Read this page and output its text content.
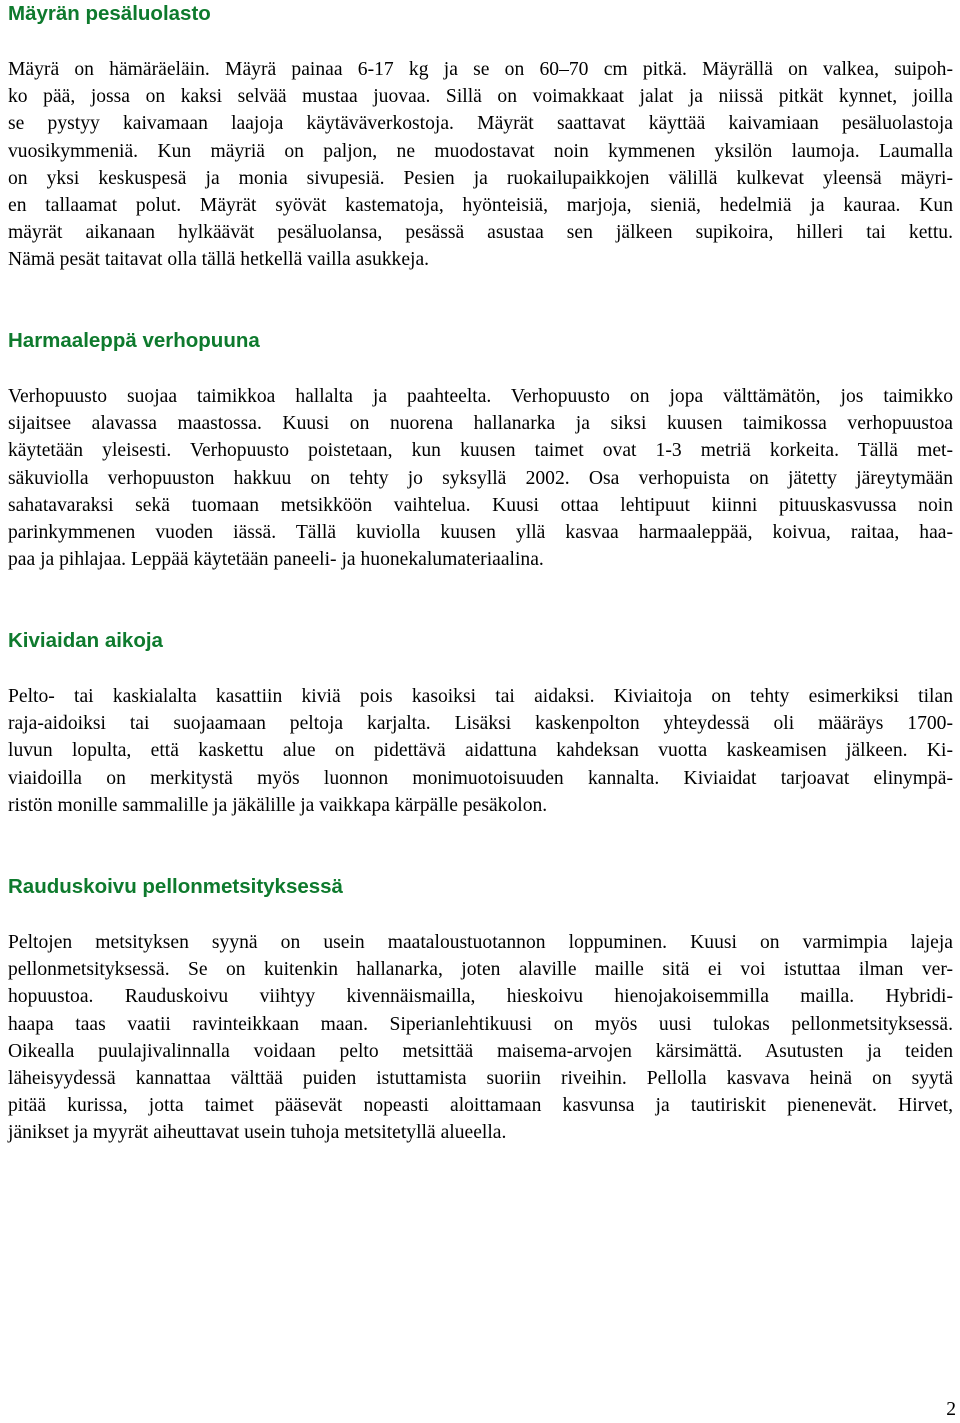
Mäyrän pesäluolasto
Mäyrä on hämäräeläin. Mäyrä painaa 6-17 kg ja se on 60–70 cm pitkä. Mäyrällä on valkea, suipoh-
ko pää, jossa on kaksi selvää mustaa juovaa. Sillä on voimakkaat jalat ja niissä pitkät kynnet, joilla
se pystyy kaivamaan laajoja käytäväverkostoja. Mäyrät saattavat käyttää kaivamiaan pesäluolastoja
vuosikymmeniä. Kun mäyriä on paljon, ne muodostavat noin kymmenen yksilön laumoja. Laumalla
on yksi keskuspesä ja monia sivupesiä. Pesien ja ruokailupaikkojen välillä kulkevat yleensä mäyri-
en tallaamat polut. Mäyrät syövät kastematoja, hyönteisiä, marjoja, sieniä, hedelmiä ja kauraa. Kun
mäyrät aikanaan hylkäävät pesäluolansa, pesässä asustaa sen jälkeen supikoira, hilleri tai kettu.
Nämä pesät taitavat olla tällä hetkellä vailla asukkeja.
Harmaaleppä verhopuuna
Verhopuusto suojaa taimikkoa hallalta ja paahteelta. Verhopuusto on jopa välttämätön, jos taimikko
sijaitsee alavassa maastossa. Kuusi on nuorena hallanarka ja siksi kuusen taimikossa verhopuustoa
käytetään yleisesti. Verhopuusto poistetaan, kun kuusen taimet ovat 1-3 metriä korkeita. Tällä met-
säkuviolla verhopuuston hakkuu on tehty jo syksyllä 2002. Osa verhopuista on jätetty järeytymään
sahatavaraksi sekä tuomaan metsikköön vaihtelua. Kuusi ottaa lehtipuut kiinni pituuskasvussa noin
parinkymmenen vuoden iässä. Tällä kuviolla kuusen yllä kasvaa harmaaleppää, koivua, raitaa, haa-
paa ja pihlajaa. Leppää käytetään paneeli- ja huonekalumateriaalina.
Kiviaidan aikoja
Pelto- tai kaskialalta kasattiin kiviä pois kasoiksi tai aidaksi. Kiviaitoja on tehty esimerkiksi tilan
raja-aidoiksi tai suojaamaan peltoja karjalta. Lisäksi kaskenpolton yhteydessä oli määräys 1700-
luvun lopulta, että kaskettu alue on pidettävä aidattuna kahdeksan vuotta kaskeamisen jälkeen. Ki-
viaidoilla on merkitystä myös luonnon monimuotoisuuden kannalta. Kiviaidat tarjoavat elinympä-
ristön monille sammalille ja jäkälille ja vaikkapa kärpälle pesäkolon.
Rauduskoivu pellonmetsityksessä
Peltojen metsityksen syynä on usein maataloustuotannon loppuminen. Kuusi on varmimpia lajeja
pellonmetsityksessä. Se on kuitenkin hallanarka, joten alaville maille sitä ei voi istuttaa ilman ver-
hopuustoa. Rauduskoivu viihtyy kivennäismailla, hieskoivu hienojakoisemmilla mailla. Hybridi-
haapa taas vaatii ravinteikkaan maan. Siperianlehtikuusi on myös uusi tulokas pellonmetsityksessä.
Oikealla puulajivalinnalla voidaan pelto metsittää maisema-arvojen kärsimättä. Asutusten ja teiden
läheisyydessä kannattaa välttää puiden istuttamista suoriin riveihin. Pellolla kasvava heinä on syytä
pitää kurissa, jotta taimet pääsevät nopeasti aloittamaan kasvunsa ja tautiriskit pienenevät. Hirvet,
jänikset ja myyrät aiheuttavat usein tuhoja metsitetyllä alueella.
2
